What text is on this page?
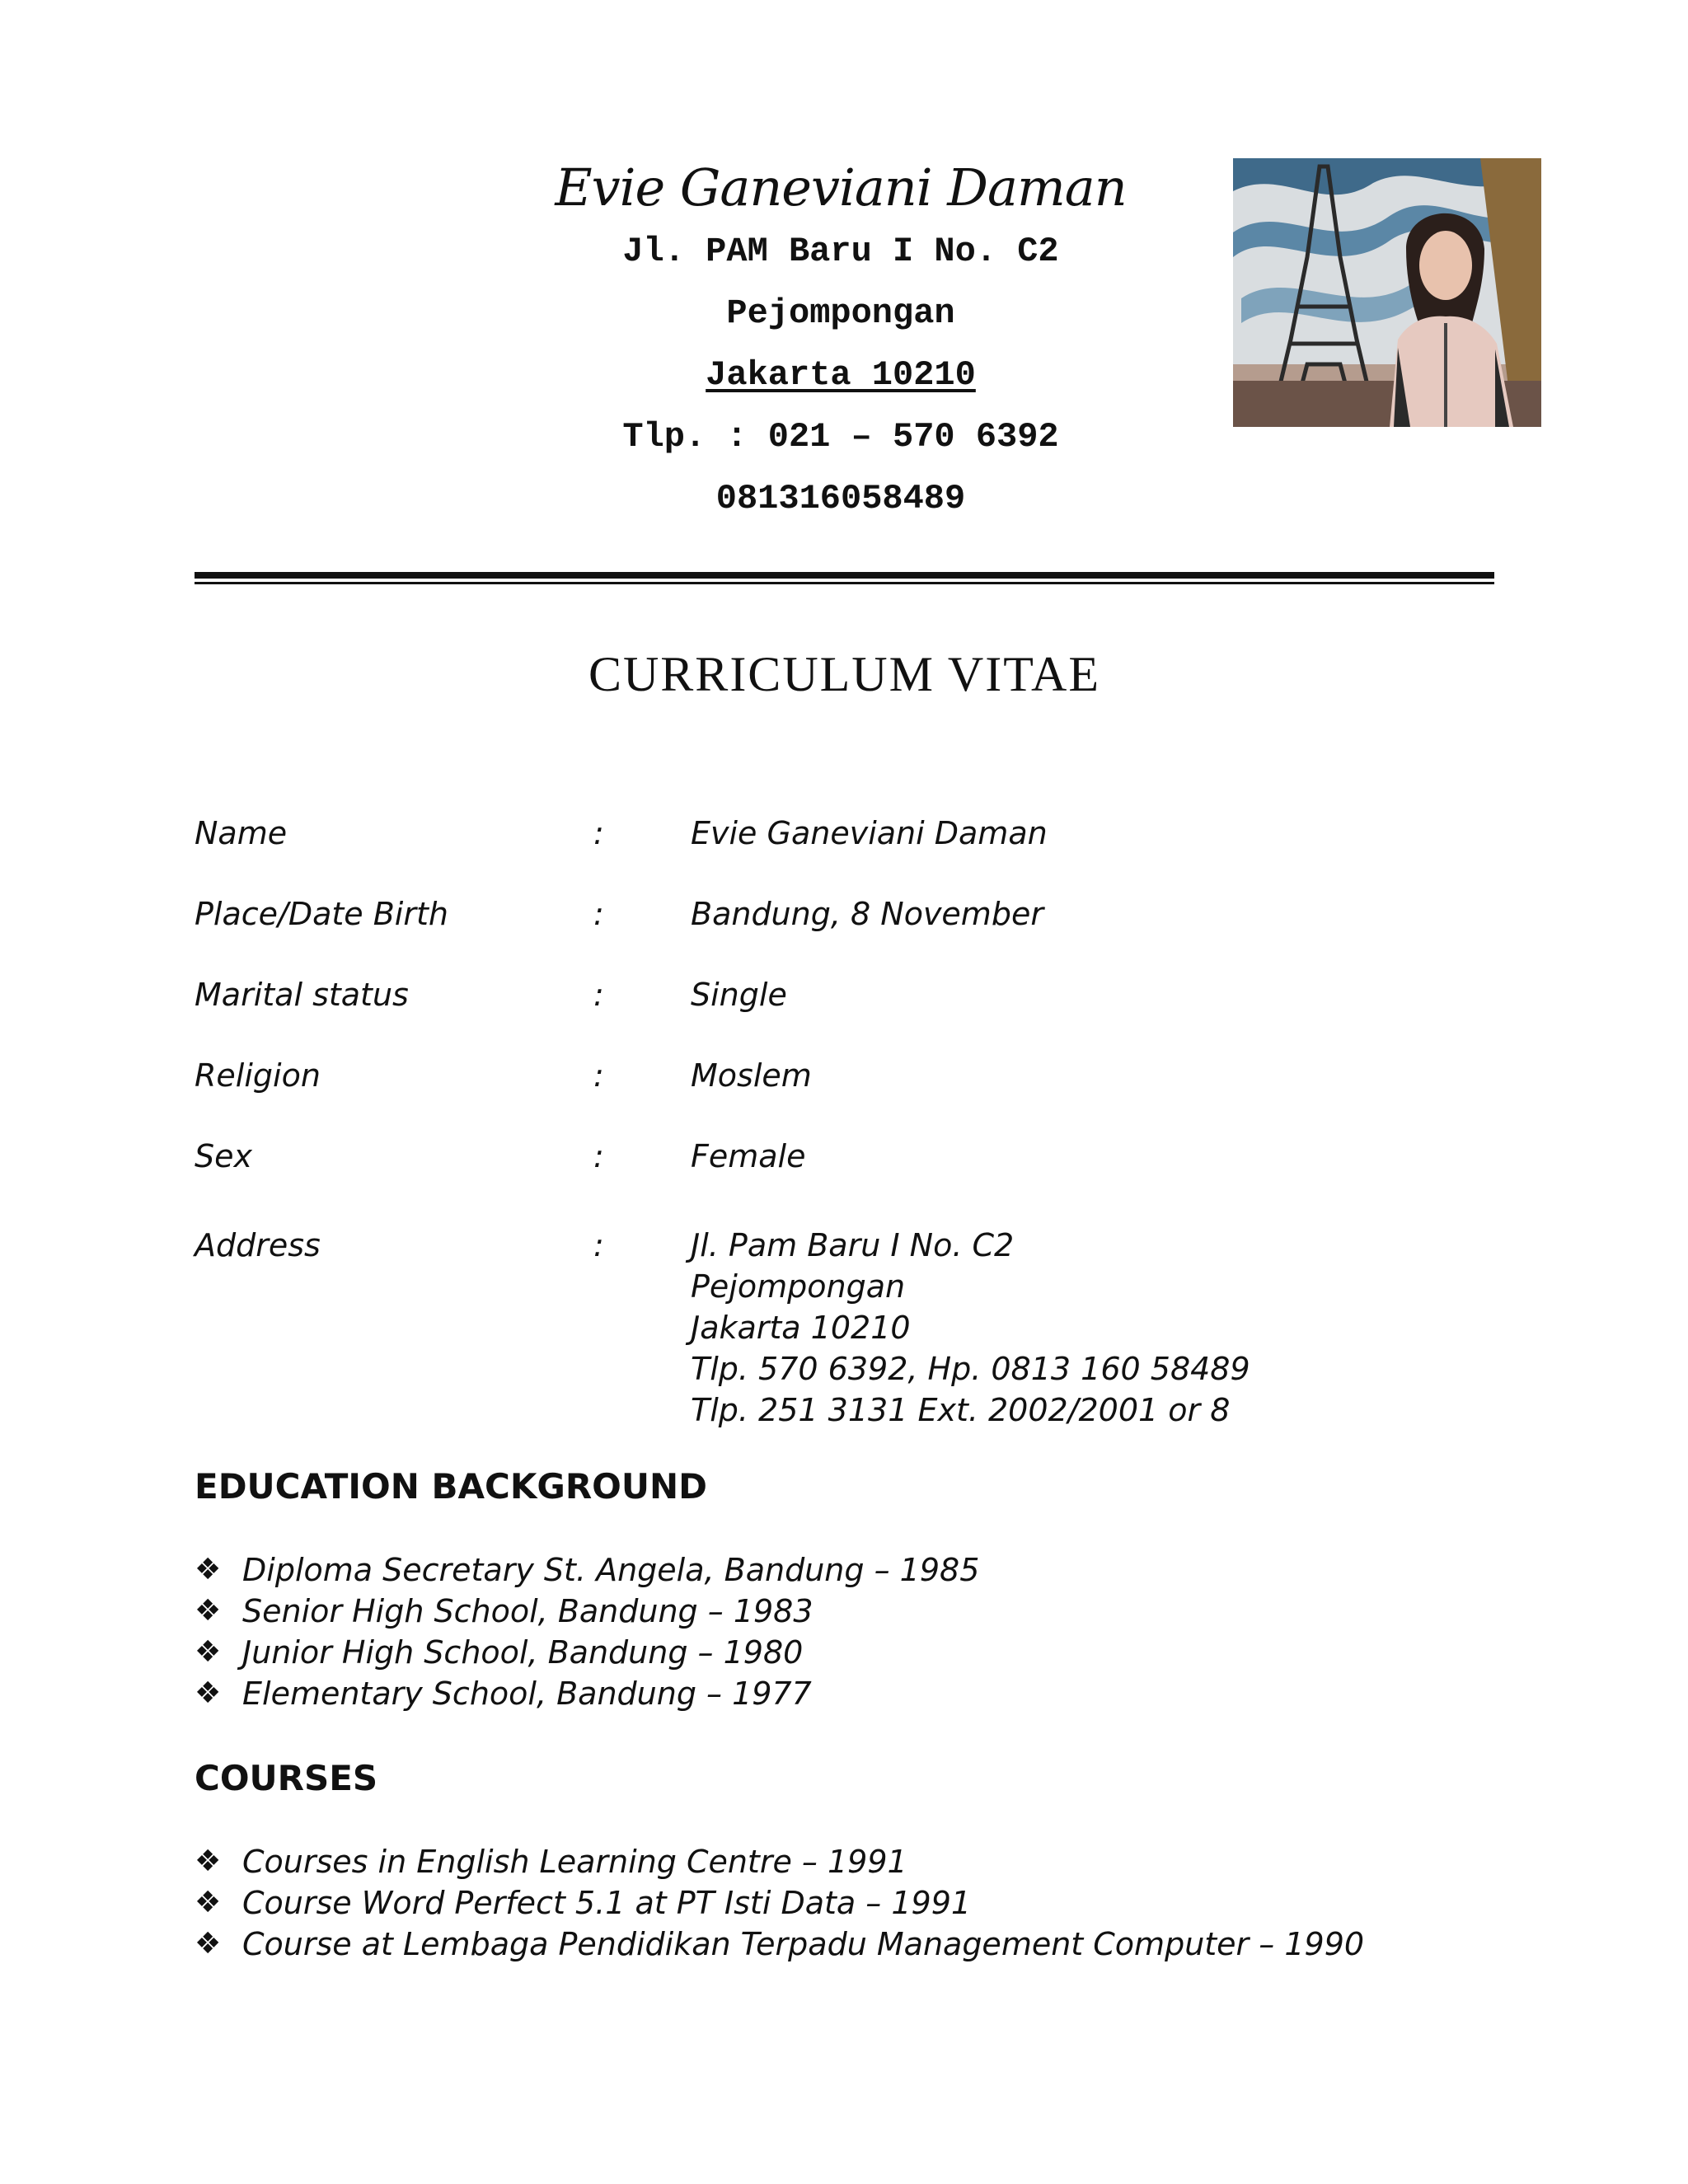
Evie Ganeviani Daman

Jl. PAM Baru I No. C2

Pejompongan

Jakarta 10210

Tlp. : 021 – 570 6392

081316058489

CURRICULUM VITAE
Name	:	Evie Ganeviani Daman
Place/Date Birth	:	Bandung, 8 November
Marital status	:	Single
Religion	:	Moslem
Sex	:	Female
Address	:	Jl. Pam Baru I No. C2
Pejompongan
Jakarta 10210
Tlp. 570 6392, Hp. 0813 160 58489
Tlp. 251 3131 Ext. 2002/2001 or 8
EDUCATION BACKGROUND
❖ Diploma Secretary St. Angela, Bandung – 1985
❖ Senior High School, Bandung – 1983
❖ Junior High School, Bandung – 1980
❖ Elementary School, Bandung – 1977
COURSES
❖ Courses in English Learning Centre – 1991
❖ Course Word Perfect 5.1 at PT Isti Data – 1991
❖ Course at Lembaga Pendidikan Terpadu Management Computer – 1990
